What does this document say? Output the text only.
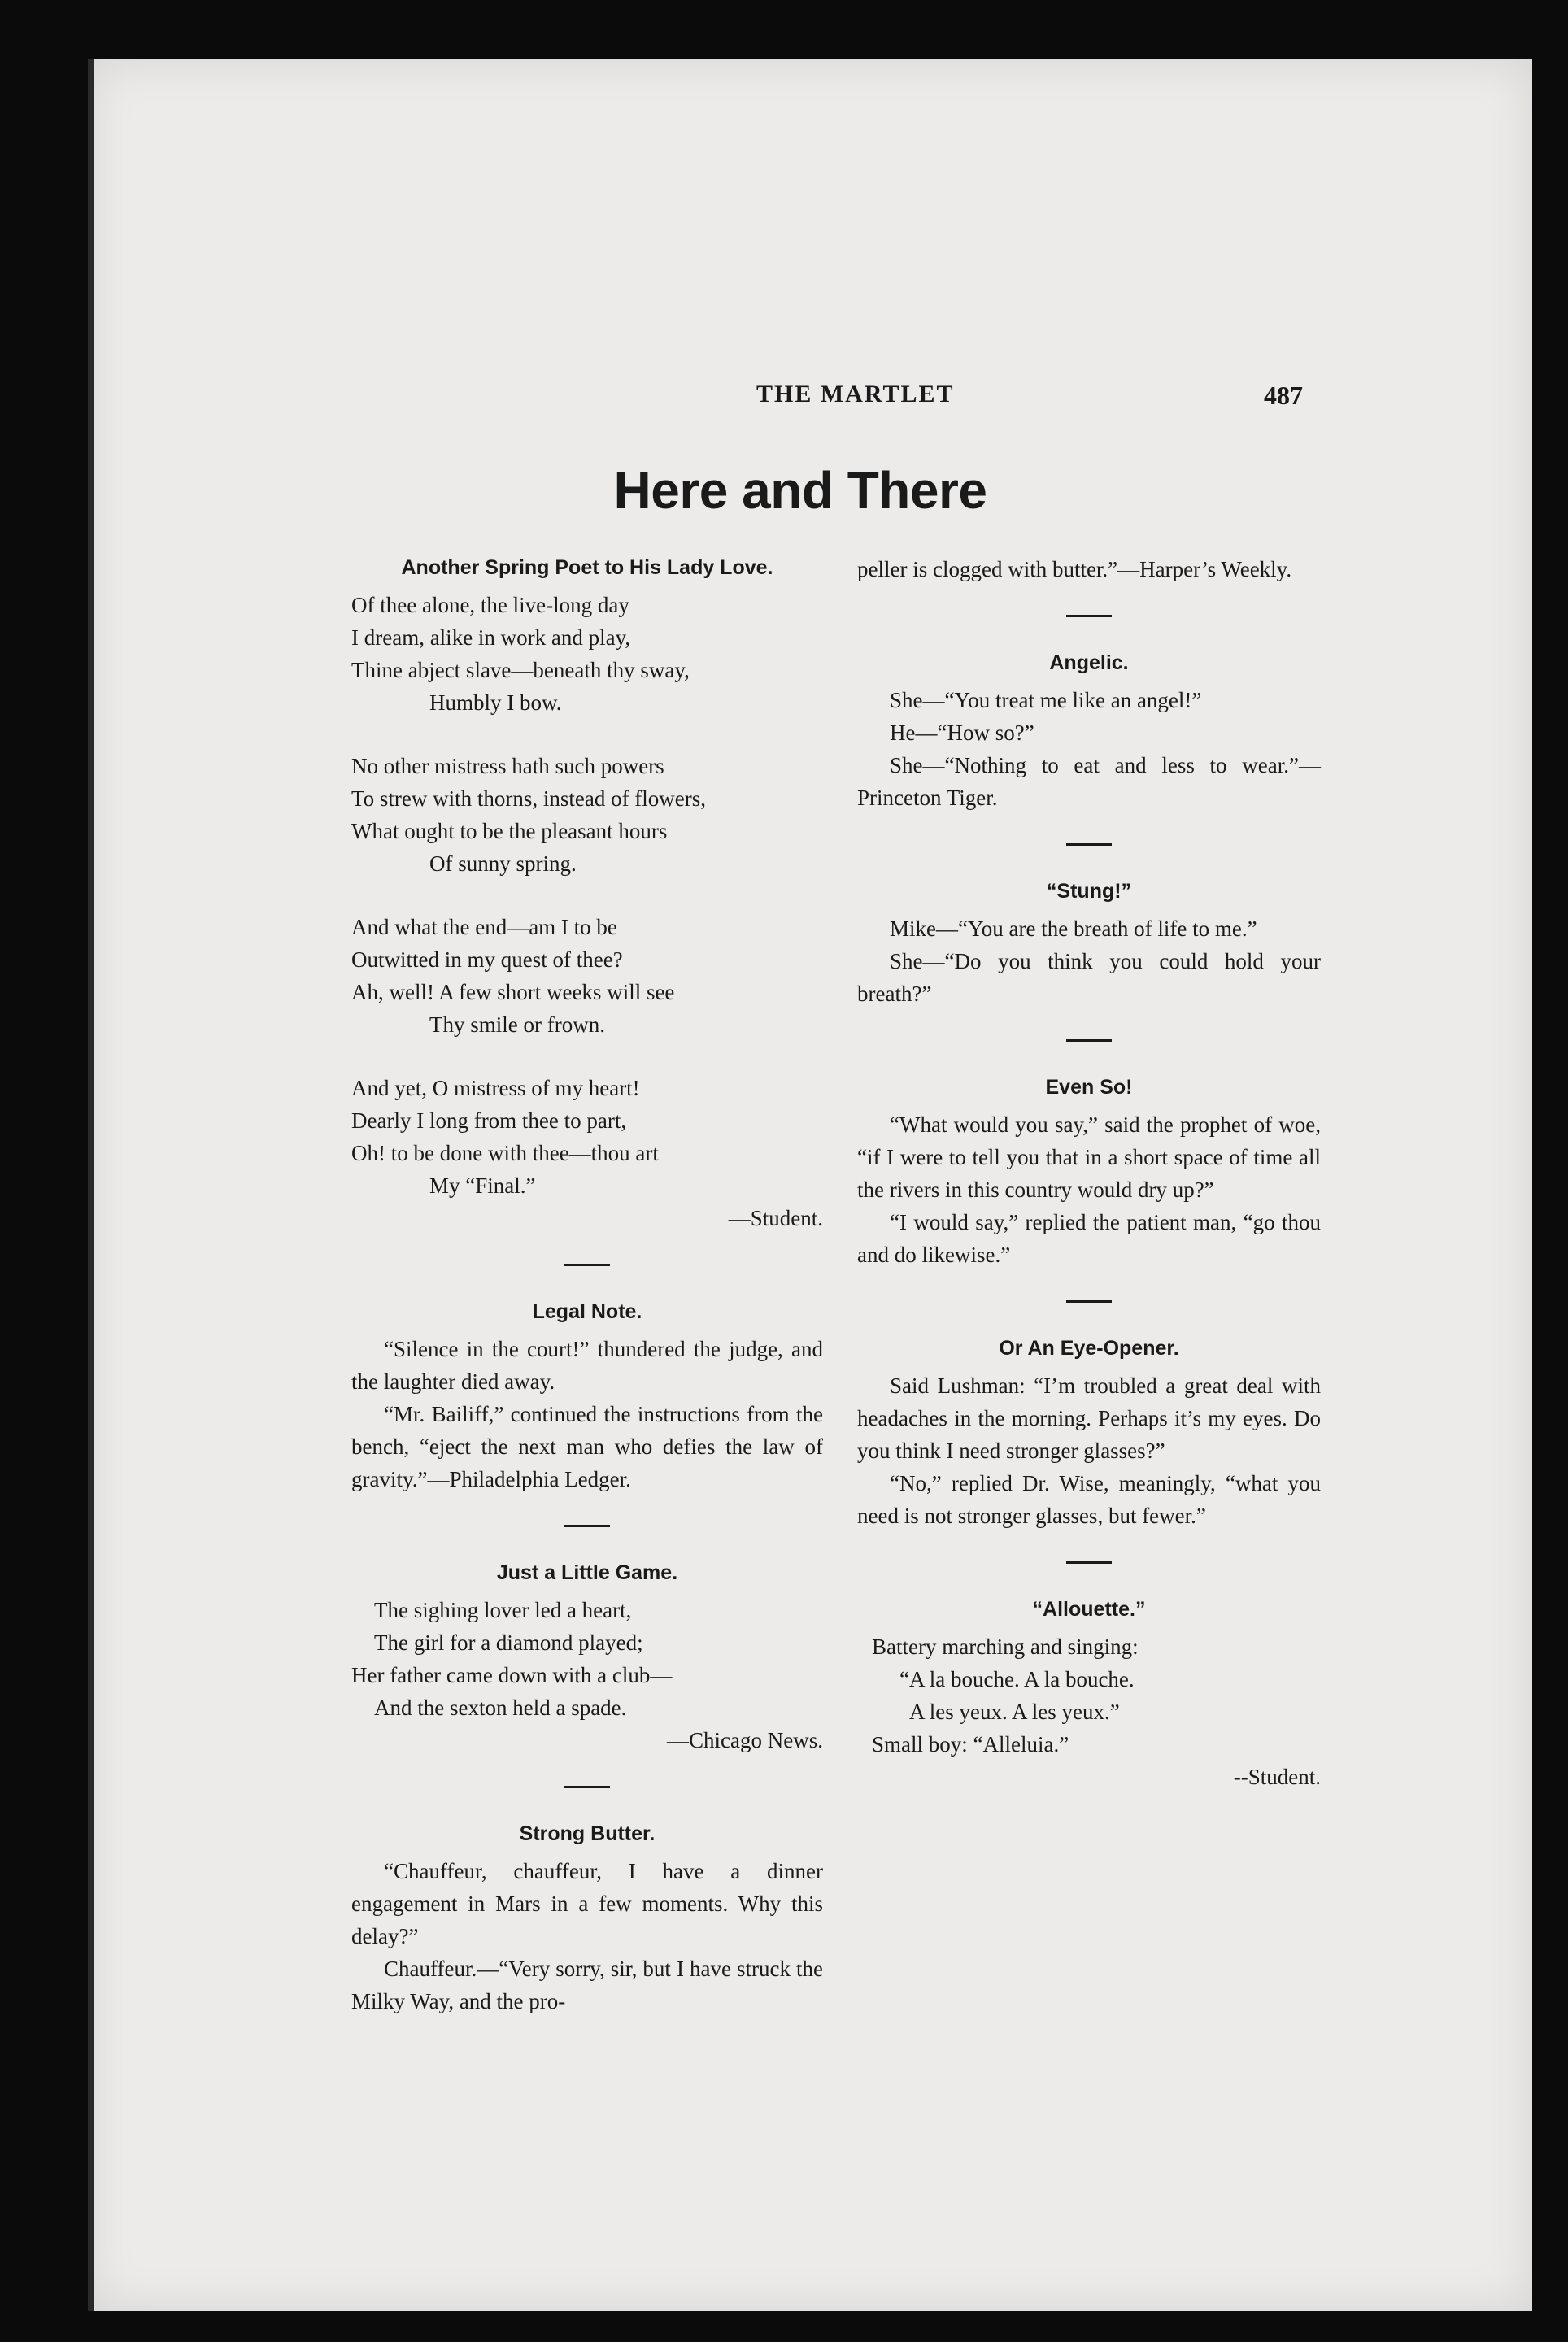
THE MARTLET	487
Here and There
Another Spring Poet to His Lady Love.

Of thee alone, the live-long day

I dream, alike in work and play,

Thine abject slave—beneath thy sway,

Humbly I bow.

No other mistress hath such powers

To strew with thorns, instead of flowers,

What ought to be the pleasant hours

Of sunny spring.

And what the end—am I to be

Outwitted in my quest of thee?

Ah, well! A few short weeks will see

Thy smile or frown.

And yet, O mistress of my heart!

Dearly I long from thee to part,

Oh! to be done with thee—thou art

My “Final.”

—Student.

Legal Note.

“Silence in the court!” thundered the judge, and the laughter died away.

“Mr. Bailiff,” continued the instructions from the bench, “eject the next man who defies the law of gravity.”—Philadelphia Ledger.

Just a Little Game.

The sighing lover led a heart,

The girl for a diamond played;

Her father came down with a club—

And the sexton held a spade.

—Chicago News.

Strong Butter.

“Chauffeur, chauffeur, I have a dinner engagement in Mars in a few moments. Why this delay?”

Chauffeur.—“Very sorry, sir, but I have struck the Milky Way, and the pro-

peller is clogged with butter.”—Harper’s Weekly.

Angelic.

She—“You treat me like an angel!”

He—“How so?”

She—“Nothing to eat and less to wear.”—Princeton Tiger.

“Stung!”

Mike—“You are the breath of life to me.”

She—“Do you think you could hold your breath?”

Even So!

“What would you say,” said the prophet of woe, “if I were to tell you that in a short space of time all the rivers in this country would dry up?”

“I would say,” replied the patient man, “go thou and do likewise.”

Or An Eye-Opener.

Said Lushman: “I’m troubled a great deal with headaches in the morning. Perhaps it’s my eyes. Do you think I need stronger glasses?”

“No,” replied Dr. Wise, meaningly, “what you need is not stronger glasses, but fewer.”

“Allouette.”

Battery marching and singing:

“A la bouche. A la bouche.

A les yeux. A les yeux.”

Small boy: “Alleluia.”

--Student.
